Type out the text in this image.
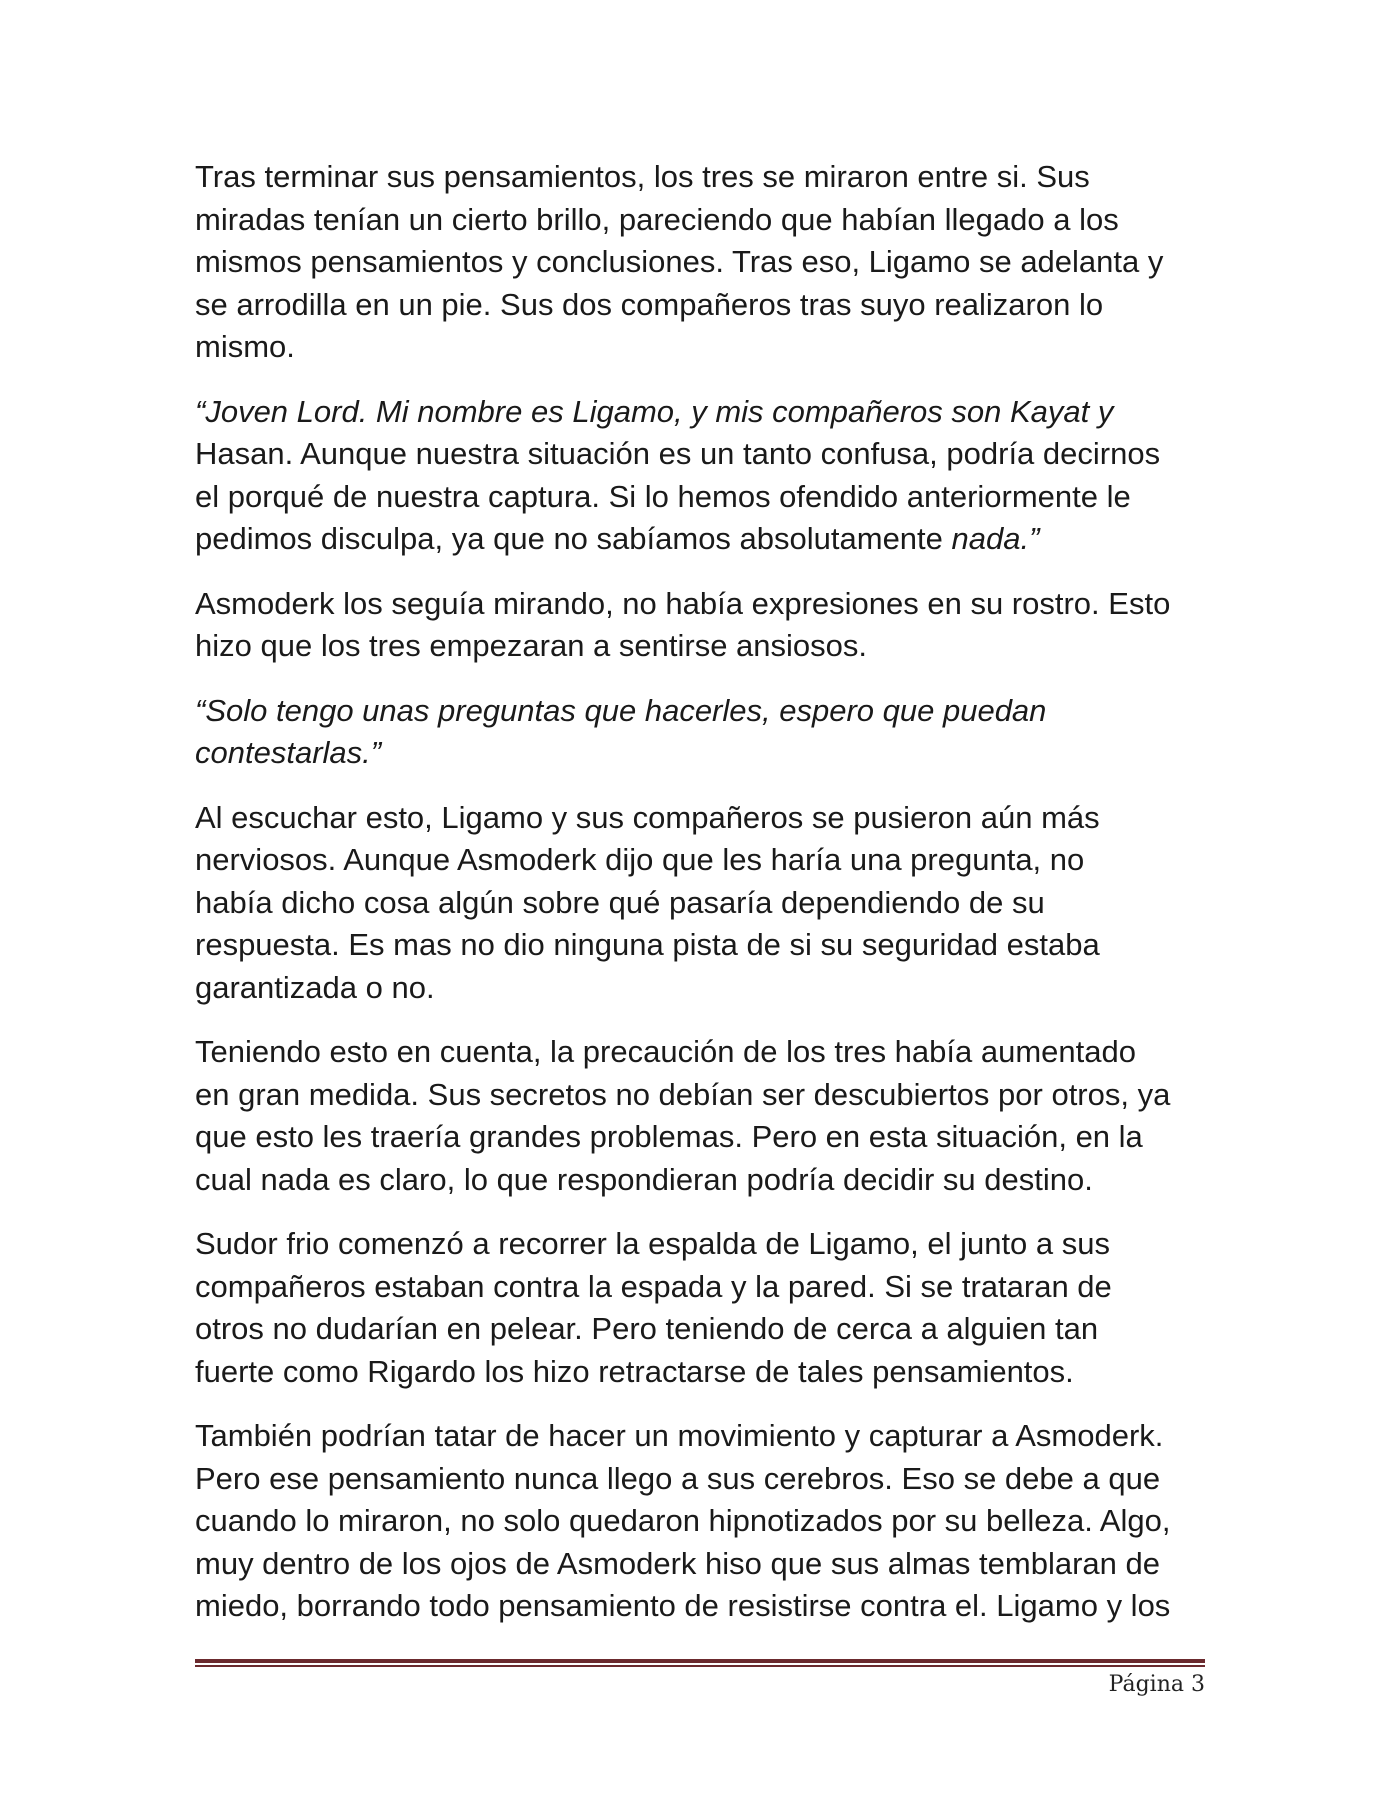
Tras terminar sus pensamientos, los tres se miraron entre si. Sus
miradas tenían un cierto brillo, pareciendo que habían llegado a los
mismos pensamientos y conclusiones. Tras eso, Ligamo se adelanta y
se arrodilla en un pie. Sus dos compañeros tras suyo realizaron lo
mismo.

“Joven Lord. Mi nombre es Ligamo, y mis compañeros son Kayat y
Hasan. Aunque nuestra situación es un tanto confusa, podría decirnos
el porqué de nuestra captura. Si lo hemos ofendido anteriormente le
pedimos disculpa, ya que no sabíamos absolutamente nada.”

Asmoderk los seguía mirando, no había expresiones en su rostro. Esto
hizo que los tres empezaran a sentirse ansiosos.

“Solo tengo unas preguntas que hacerles, espero que puedan
contestarlas.”

Al escuchar esto, Ligamo y sus compañeros se pusieron aún más
nerviosos. Aunque Asmoderk dijo que les haría una pregunta, no
había dicho cosa algún sobre qué pasaría dependiendo de su
respuesta. Es mas no dio ninguna pista de si su seguridad estaba
garantizada o no.

Teniendo esto en cuenta, la precaución de los tres había aumentado
en gran medida. Sus secretos no debían ser descubiertos por otros, ya
que esto les traería grandes problemas. Pero en esta situación, en la
cual nada es claro, lo que respondieran podría decidir su destino.

Sudor frio comenzó a recorrer la espalda de Ligamo, el junto a sus
compañeros estaban contra la espada y la pared. Si se trataran de
otros no dudarían en pelear. Pero teniendo de cerca a alguien tan
fuerte como Rigardo los hizo retractarse de tales pensamientos.

También podrían tatar de hacer un movimiento y capturar a Asmoderk.
Pero ese pensamiento nunca llego a sus cerebros. Eso se debe a que
cuando lo miraron, no solo quedaron hipnotizados por su belleza. Algo,
muy dentro de los ojos de Asmoderk hiso que sus almas temblaran de
miedo, borrando todo pensamiento de resistirse contra el. Ligamo y los

Página 3
